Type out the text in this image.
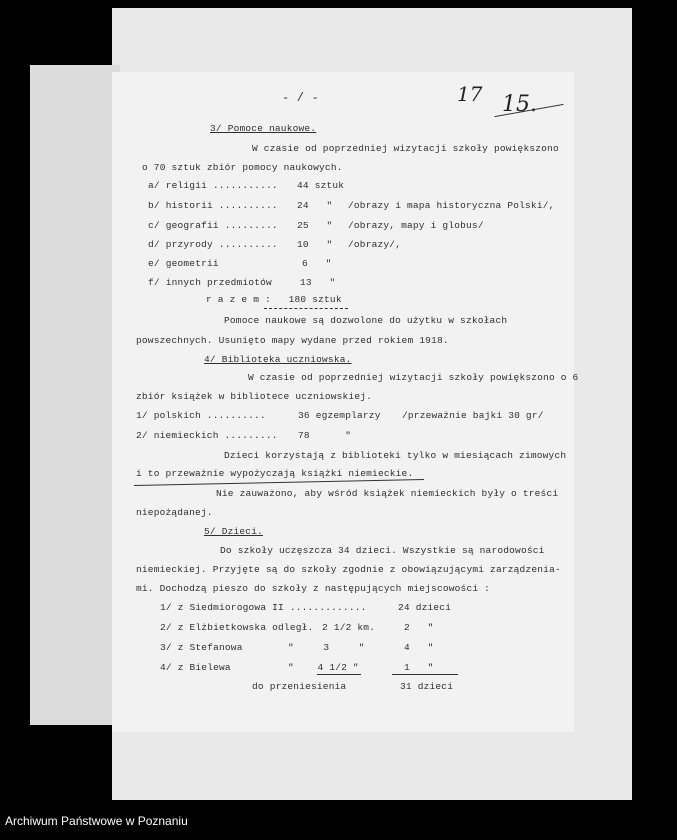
- / -	17 15.
3/ Pomoce naukowe.
W czasie od poprzedniej wizytacji szkoły powiększono
o 70 sztuk zbiór pomocy naukowych.
a/ religii ........... 44 sztuk
b/ historii .......... 24   " /obrazy i mapa historyczna Polski/,
c/ geografii ......... 25   " /obrazy, mapy i globus/
d/ przyrody .......... 10   " /obrazy/,
e/ geometrii	6   "
f/ innych przedmiotów	13   "
r a z e m :   180 sztuk
Pomoce naukowe są dozwolone do użytku w szkołach
powszechnych. Usunięto mapy wydane przed rokiem 1918.
4/ Biblioteka uczniowska.
W czasie od poprzedniej wizytacji szkoły powiększono o 6
zbiór książek w bibliotece uczniowskiej.
1/ polskich ..........	36 egzemplarzy /przeważnie bajki 30 gr/
2/ niemieckich ......... 78      "
Dzieci korzystają z biblioteki tylko w miesiącach zimowych
i to przeważnie wypożyczają książki niemieckie.
Nie zauważono, aby wśród książek niemieckich były o treści
niepożądanej.
5/ Dzieci.
Do szkoły uczęszcza 34 dzieci. Wszystkie są narodowości
niemieckiej. Przyjęte są do szkoły zgodnie z obowiązującymi zarządzenia-
mi. Dochodzą pieszo do szkoły z następujących miejscowości :
1/ z Siedmiorogowa II .............	24 dzieci
2/ z Elżbietkowska odległ. 2 1/2 km.	2   "
3/ z Stefanowa	"     3     "	4   "
4/ z Bielewa	"    4 1/2 "	1   "
do przeniesienia	31 dzieci
Archiwum Państwowe w Poznaniu
